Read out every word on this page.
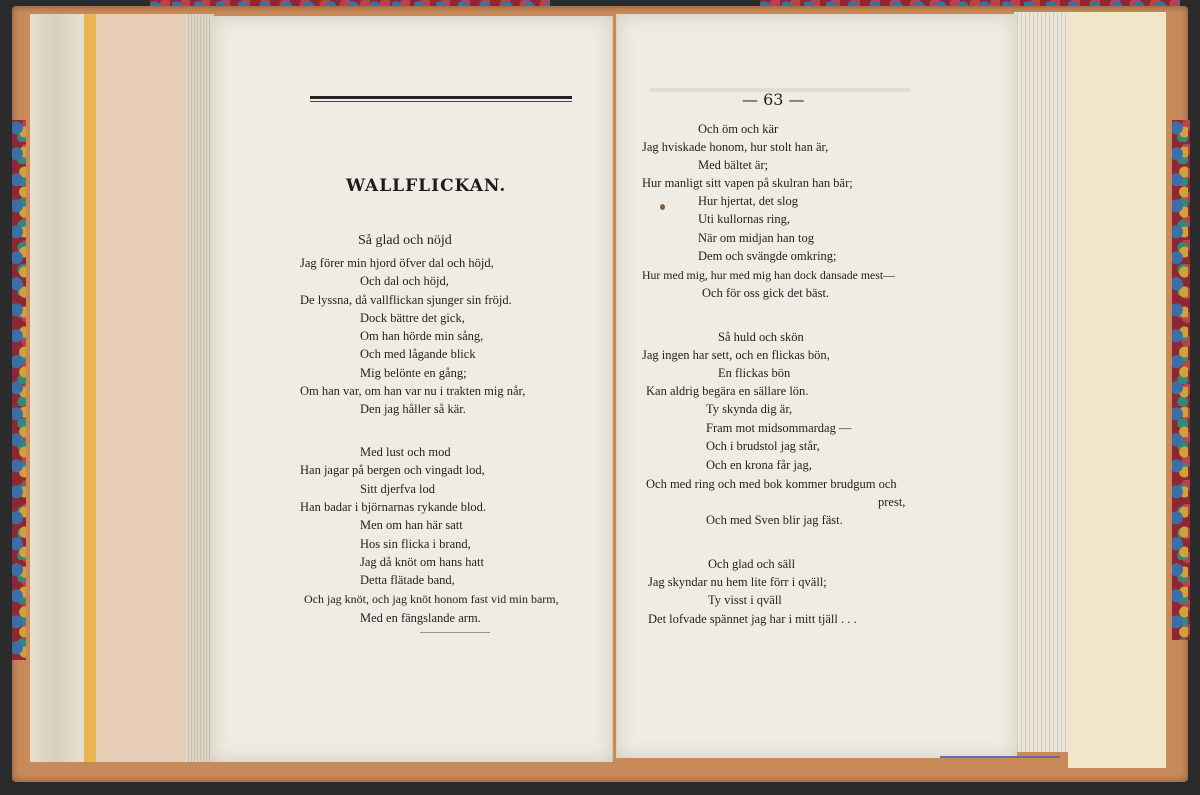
WALLFLICKAN.
Så glad och nöjd
Jag förer min hjord öfver dal och höjd,
Och dal och höjd,
De lyssna, då vallflickan sjunger sin fröjd.
Dock bättre det gick,
Om han hörde min sång,
Och med lågande blick
Mig belönte en gång;
Om han var, om han var nu i trakten mig når,
Den jag håller så kär.
Med lust och mod
Han jagar på bergen och vingadt lod,
Sitt djerfva lod
Han badar i björnarnas rykande blod.
Men om han här satt
Hos sin flicka i brand,
Jag då knöt om hans hatt
Detta flätade band,
Och jag knöt, och jag knöt honom fast vid min barm,
Med en fängslande arm.
— 63 —
Och öm och kär
Jag hviskade honom, hur stolt han är,
Med bältet är;
Hur manligt sitt vapen på skulran han bär;
Hur hjertat, det slog
Uti kullornas ring,
När om midjan han tog
Dem och svängde omkring;
Hur med mig, hur med mig han dock dansade mest—
Och för oss gick det bäst.
Så huld och skön
Jag ingen har sett, och en flickas bön,
En flickas bön
Kan aldrig begära en sällare lön.
Ty skynda dig är,
Fram mot midsommardag —
Och i brudstol jag står,
Och en krona får jag,
Och med ring och med bok kommer brudgum och
prest,
Och med Sven blir jag fäst.
Och glad och säll
Jag skyndar nu hem lite förr i qväll;
Ty visst i qväll
Det lofvade spännet jag har i mitt tjäll . . .
